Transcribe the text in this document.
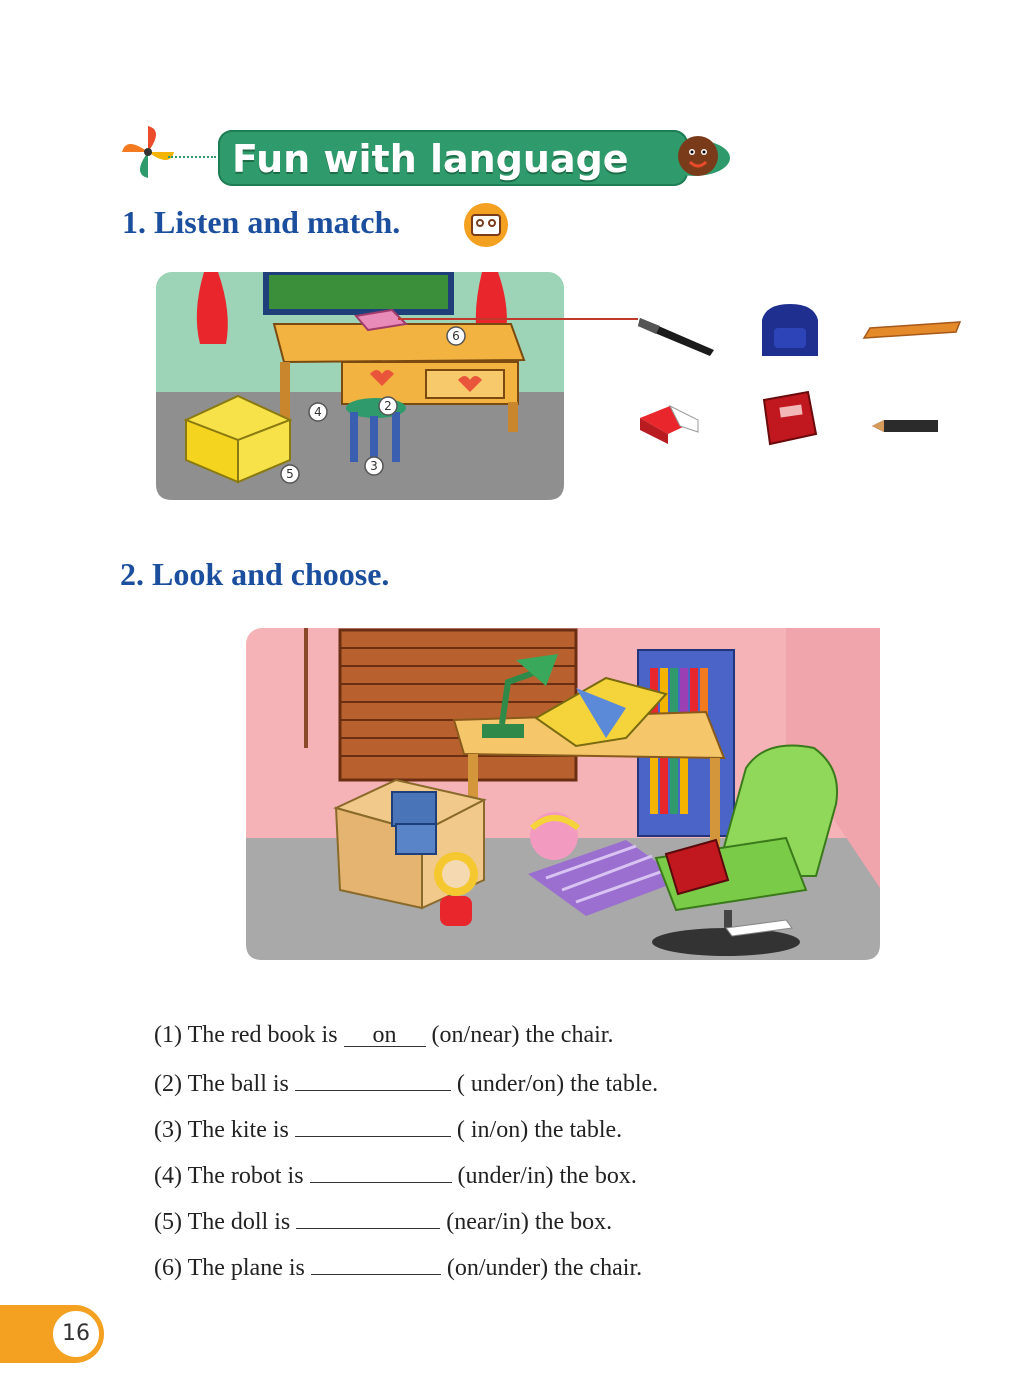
Fun with language
1. Listen and match.
6
4	2
5
3
2. Look and choose.
(1) The red book is on (on/near) the chair.
(2) The ball is	( under/on) the table.
(3) The kite is	( in/on) the table.
(4) The robot is	(under/in) the box.
(5) The doll is	(near/in) the box.
(6) The plane is	(on/under) the chair.
16
